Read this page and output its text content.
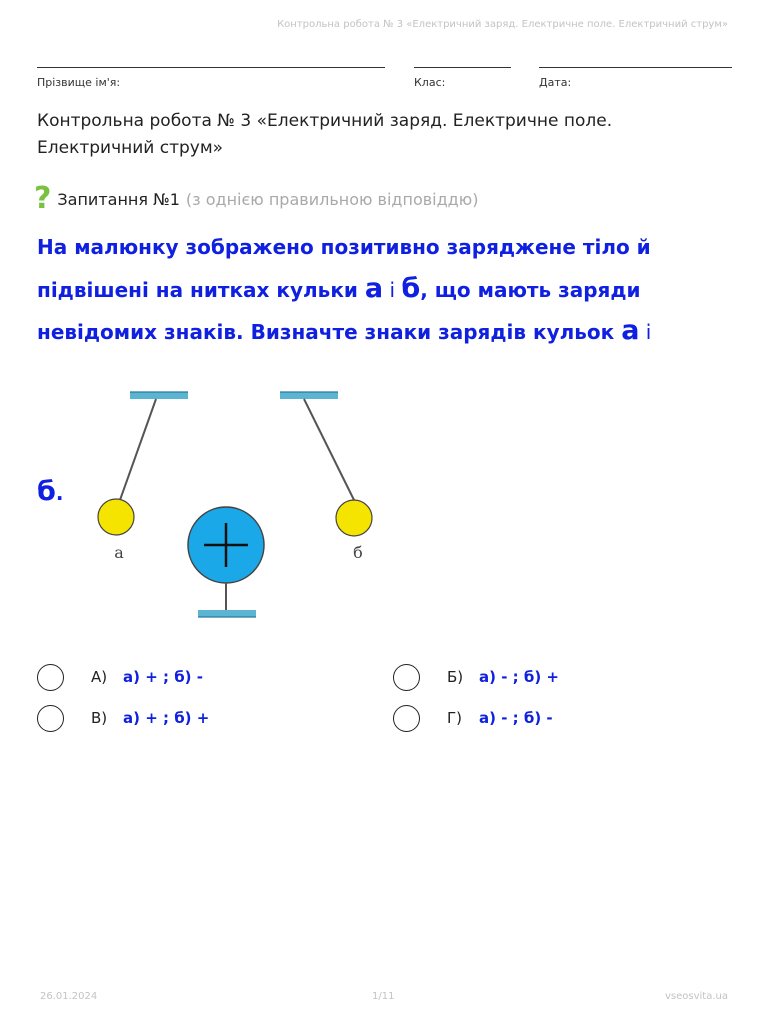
Контрольна робота № 3 «Електричний заряд. Електричне поле. Електричний струм»
Прізвище ім'я:	Клас:	Дата:
Контрольна робота № 3 «Електричний заряд. Електричне поле.
Електричний струм»
? Запитання №1 (з однією правильною відповіддю)
На малюнку зображено позитивно заряджене тіло й
підвішені на нитках кульки а і б, що мають заряди
невідомих знаків. Визначте знаки зарядів кульок а і
б.
а	б
А)	а) + ; б) -	Б)	а) - ; б) +
В)	а) + ; б) +	Г)	а) - ; б) -
26.01.2024	1/11	vseosvita.ua
